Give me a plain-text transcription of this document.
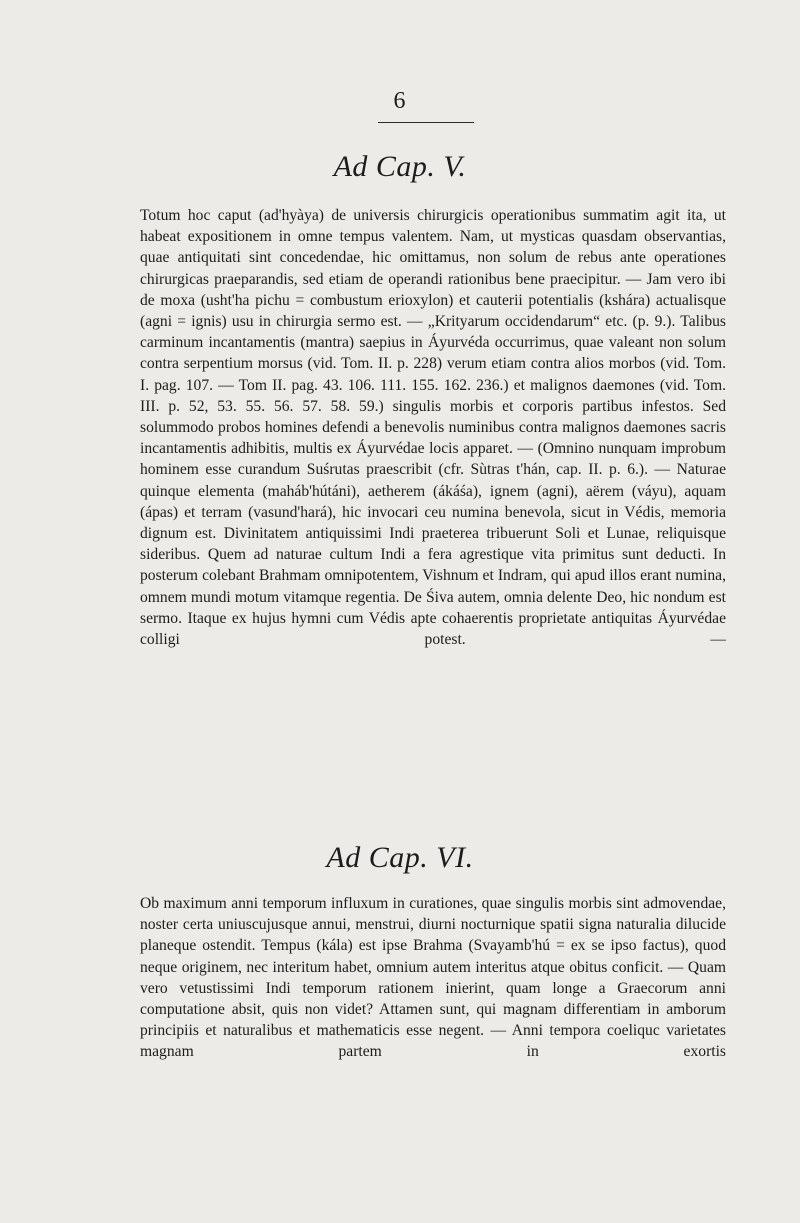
6
Ad Cap. V.

Totum hoc caput (ad'hyàya) de universis chirurgicis operationibus summatim agit ita, ut habeat expositionem in omne tempus valentem. Nam, ut mysticas quasdam observantias, quae antiquitati sint concedendae, hic omittamus, non solum de rebus ante operationes chirurgicas praeparandis, sed etiam de operandi rationibus bene praecipitur. — Jam vero ibi de moxa (usht'ha pichu = combustum erioxylon) et cauterii potentialis (kshára) actualisque (agni = ignis) usu in chirurgia sermo est. — „Krityarum occidendarum“ etc. (p. 9.). Talibus carminum incantamentis (mantra) saepius in Áyurvéda occurrimus, quae valeant non solum contra serpentium morsus (vid. Tom. II. p. 228) verum etiam contra alios morbos (vid. Tom. I. pag. 107. — Tom II. pag. 43. 106. 111. 155. 162. 236.) et malignos daemones (vid. Tom. III. p. 52, 53. 55. 56. 57. 58. 59.) singulis morbis et corporis partibus infestos. Sed solummodo probos homines defendi a benevolis numinibus contra malignos daemones sacris incantamentis adhibitis, multis ex Áyurvédae locis apparet. — (Omnino nunquam improbum hominem esse curandum Suśrutas praescribit (cfr. Sùtras t'hán, cap. II. p. 6.). — Naturae quinque elementa (maháb'hútáni), aetherem (ákáśa), ignem (agni), aërem (váyu), aquam (ápas) et terram (vasund'hará), hic invocari ceu numina benevola, sicut in Védis, memoria dignum est. Divinitatem antiquissimi Indi praeterea tribuerunt Soli et Lunae, reliquisque sideribus. Quem ad naturae cultum Indi a fera agrestique vita primitus sunt deducti. In posterum colebant Brahmam omnipotentem, Vishnum et Indram, qui apud illos erant numina, omnem mundi motum vitamque regentia. De Śiva autem, omnia delente Deo, hic nondum est sermo. Itaque ex hujus hymni cum Védis apte cohaerentis proprietate antiquitas Áyurvédae colligi potest. —

Ad Cap. VI.

Ob maximum anni temporum influxum in curationes, quae singulis morbis sint admovendae, noster certa uniuscujusque annui, menstrui, diurni nocturnique spatii signa naturalia dilucide planeque ostendit. Tempus (kála) est ipse Brahma (Svayamb'hú = ex se ipso factus), quod neque originem, nec interitum habet, omnium autem interitus atque obitus conficit. — Quam vero vetustissimi Indi temporum rationem inierint, quam longe a Graecorum anni computatione absit, quis non videt? Attamen sunt, qui magnam differentiam in amborum principiis et naturalibus et mathematicis esse negent. — Anni tempora coeliquc varietates magnam partem in exortis
